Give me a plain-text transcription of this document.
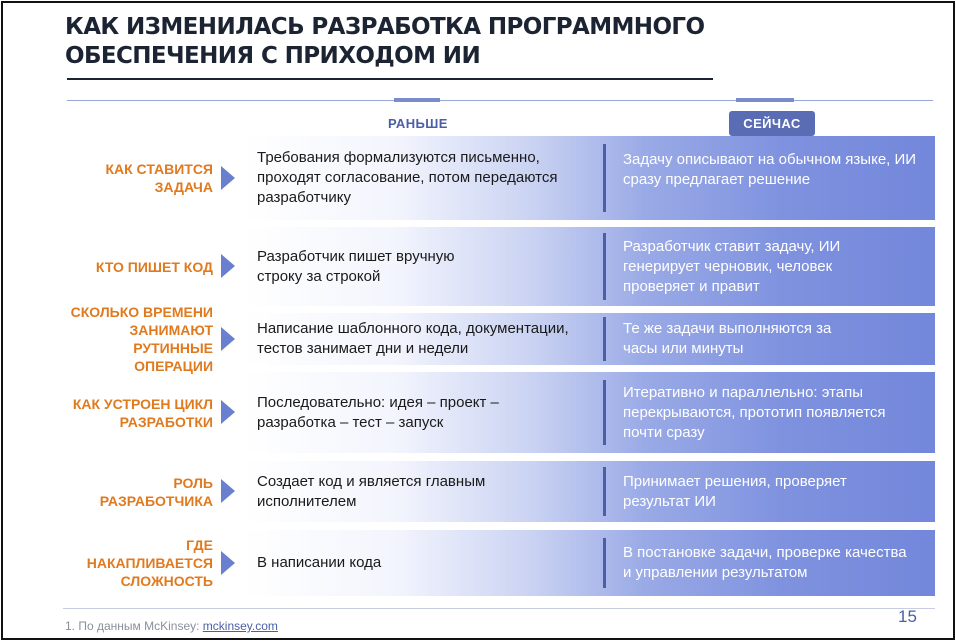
КАК ИЗМЕНИЛАСЬ РАЗРАБОТКА ПРОГРАММНОГО ОБЕСПЕЧЕНИЯ С ПРИХОДОМ ИИ
РАНЬШЕ	СЕЙЧАС
КАК СТАВИТСЯ ЗАДАЧА
Требования формализуются письменно, проходят согласование, потом передаются разработчику
Задачу описывают на обычном языке, ИИ сразу предлагает решение
КТО ПИШЕТ КОД
Разработчик пишет вручную строку за строкой
Разработчик ставит задачу, ИИ генерирует черновик, человек проверяет и правит
СКОЛЬКО ВРЕМЕНИ ЗАНИМАЮТ РУТИННЫЕ ОПЕРАЦИИ
Написание шаблонного кода, документации, тестов занимает дни и недели
Те же задачи выполняются за часы или минуты
КАК УСТРОЕН ЦИКЛ РАЗРАБОТКИ
Последовательно: идея – проект – разработка – тест – запуск
Итеративно и параллельно: этапы перекрываются, прототип появляется почти сразу
РОЛЬ РАЗРАБОТЧИКА
Создает код и является главным исполнителем
Принимает решения, проверяет результат ИИ
ГДЕ НАКАПЛИВАЕТСЯ СЛОЖНОСТЬ
В написании кода
В постановке задачи, проверке качества и управлении результатом
1. По данным McKinsey: mckinsey.com	15
